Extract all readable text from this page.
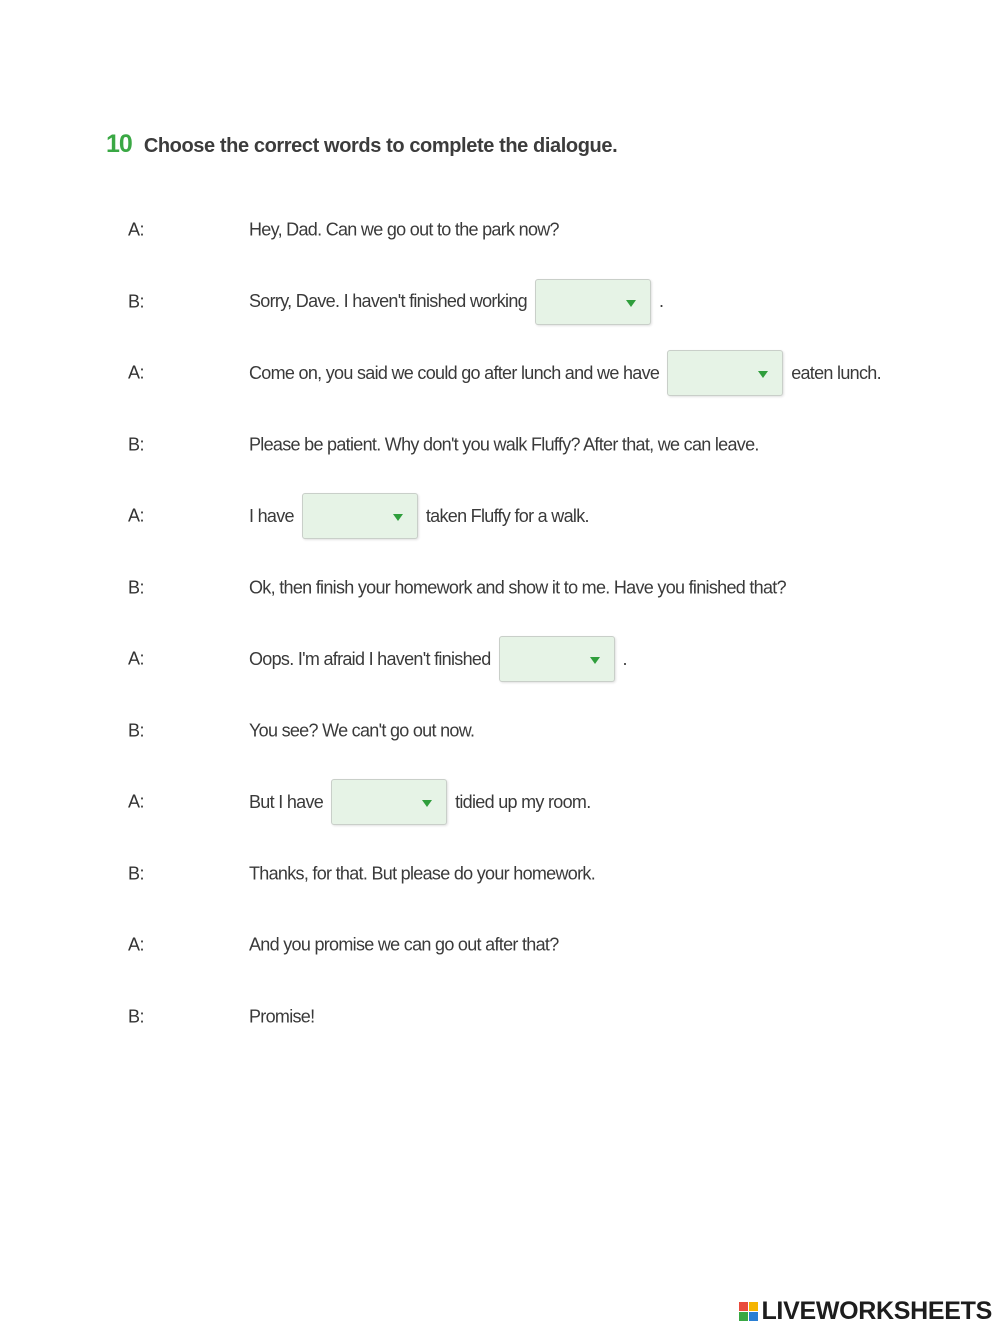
10 Choose the correct words to complete the dialogue.
A:	Hey, Dad. Can we go out to the park now?
B:	Sorry, Dave. I haven't finished working	.
A:	Come on, you said we could go after lunch and we have	eaten lunch.
B:	Please be patient. Why don't you walk Fluffy? After that, we can leave.
A:	I have	taken Fluffy for a walk.
B:	Ok, then finish your homework and show it to me. Have you finished that?
A:	Oops. I'm afraid I haven't finished	.
B:	You see? We can't go out now.
A:	But I have	tidied up my room.
B:	Thanks, for that. But please do your homework.
A:	And you promise we can go out after that?
B:	Promise!
LIVEWORKSHEETS
